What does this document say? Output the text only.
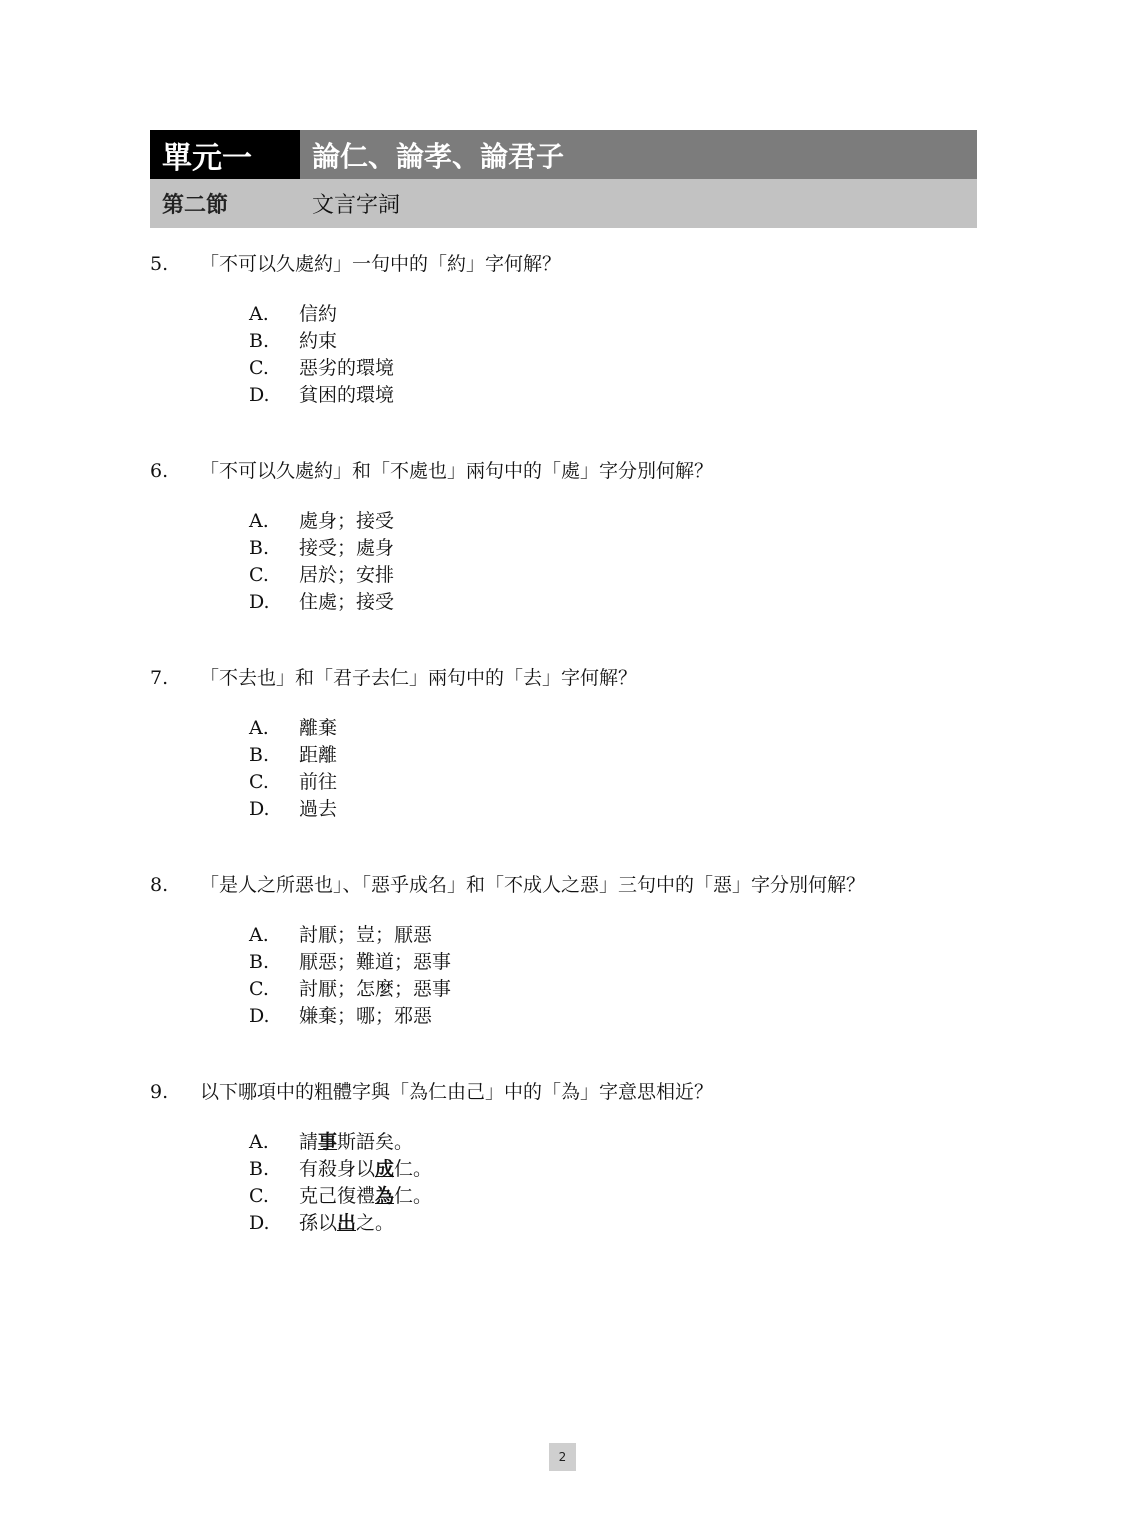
單元一	論仁、論孝、論君子
第二節	文言字詞
5.	「不可以久處約」一句中的「約」字何解？
A.	信約
B.	約束
C.	惡劣的環境
D.	貧困的環境
6.	「不可以久處約」和「不處也」兩句中的「處」字分別何解？
A.	處身；接受
B.	接受；處身
C.	居於；安排
D.	住處；接受
7.	「不去也」和「君子去仁」兩句中的「去」字何解？
A.	離棄
B.	距離
C.	前往
D.	過去
8.	「是人之所惡也」、「惡乎成名」和「不成人之惡」三句中的「惡」字分別何解？
A.	討厭；豈；厭惡
B.	厭惡；難道；惡事
C.	討厭；怎麼；惡事
D.	嫌棄；哪；邪惡
9.	以下哪項中的粗體字與「為仁由己」中的「為」字意思相近？
A.	請事斯語矣。
B.	有殺身以成仁。
C.	克己復禮為仁。
D.	孫以出之。
2
